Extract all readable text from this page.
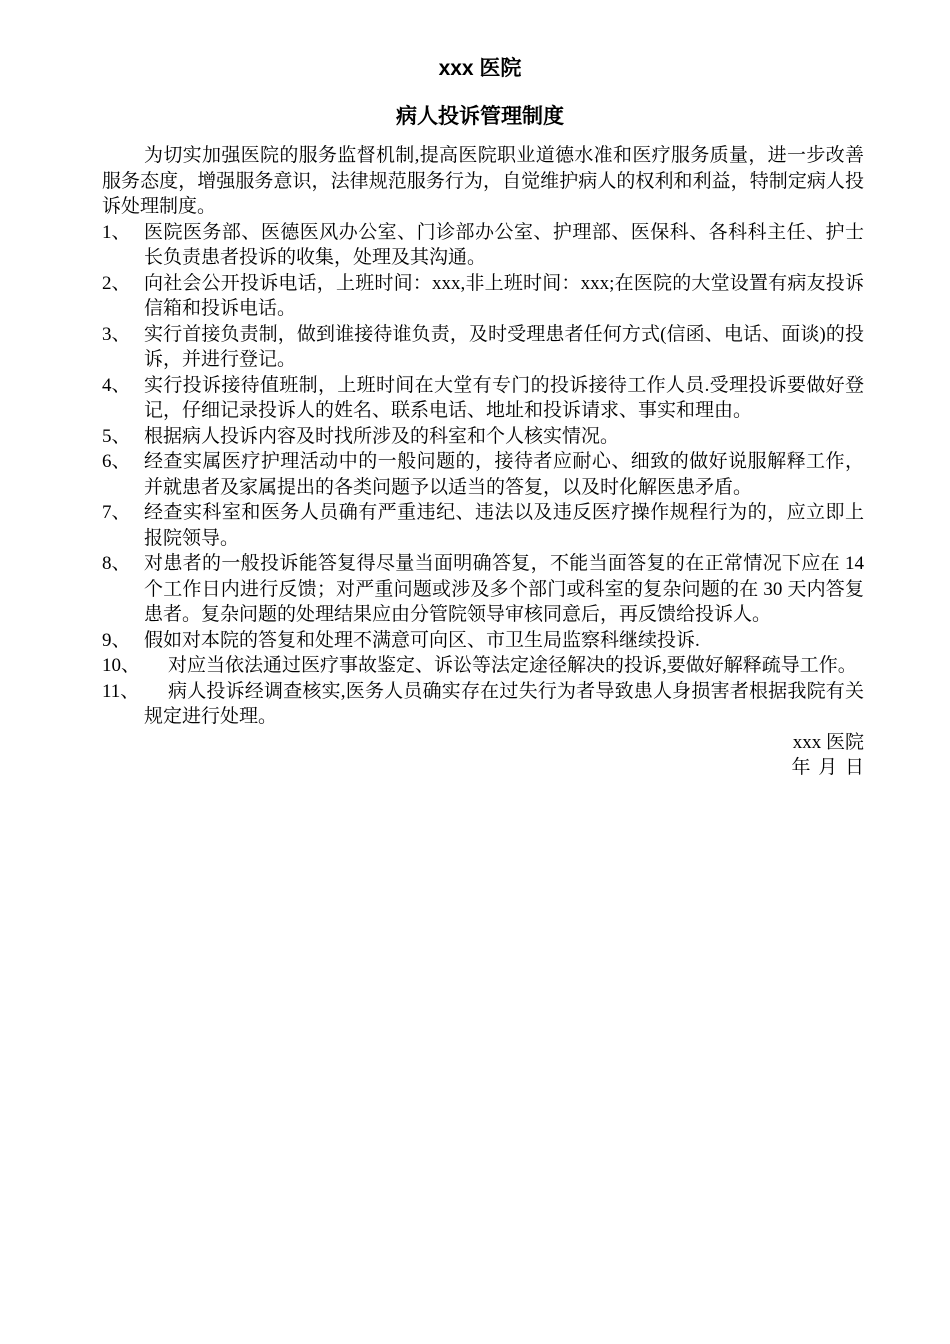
xxx 医院
病人投诉管理制度

为切实加强医院的服务监督机制,提高医院职业道德水准和医疗服务质量，进一步改善服务态度，增强服务意识，法律规范服务行为，自觉维护病人的权利和利益，特制定病人投诉处理制度。

1、 医院医务部、医德医风办公室、门诊部办公室、护理部、医保科、各科科主任、护士长负责患者投诉的收集，处理及其沟通。
2、 向社会公开投诉电话，上班时间：xxx,非上班时间：xxx;在医院的大堂设置有病友投诉信箱和投诉电话。
3、 实行首接负责制，做到谁接待谁负责，及时受理患者任何方式(信函、电话、面谈)的投诉，并进行登记。
4、 实行投诉接待值班制，上班时间在大堂有专门的投诉接待工作人员.受理投诉要做好登记，仔细记录投诉人的姓名、联系电话、地址和投诉请求、事实和理由。
5、 根据病人投诉内容及时找所涉及的科室和个人核实情况。
6、 经查实属医疗护理活动中的一般问题的，接待者应耐心、细致的做好说服解释工作，并就患者及家属提出的各类问题予以适当的答复，以及时化解医患矛盾。
7、 经查实科室和医务人员确有严重违纪、违法以及违反医疗操作规程行为的，应立即上报院领导。
8、 对患者的一般投诉能答复得尽量当面明确答复，不能当面答复的在正常情况下应在 14 个工作日内进行反馈；对严重问题或涉及多个部门或科室的复杂问题的在 30 天内答复患者。复杂问题的处理结果应由分管院领导审核同意后，再反馈给投诉人。
9、 假如对本院的答复和处理不满意可向区、市卫生局监察科继续投诉.
10、	对应当依法通过医疗事故鉴定、诉讼等法定途径解决的投诉,要做好解释疏导工作。
11、	病人投诉经调查核实,医务人员确实存在过失行为者导致患人身损害者根据我院有关规定进行处理。

xxx 医院

年 月 日
